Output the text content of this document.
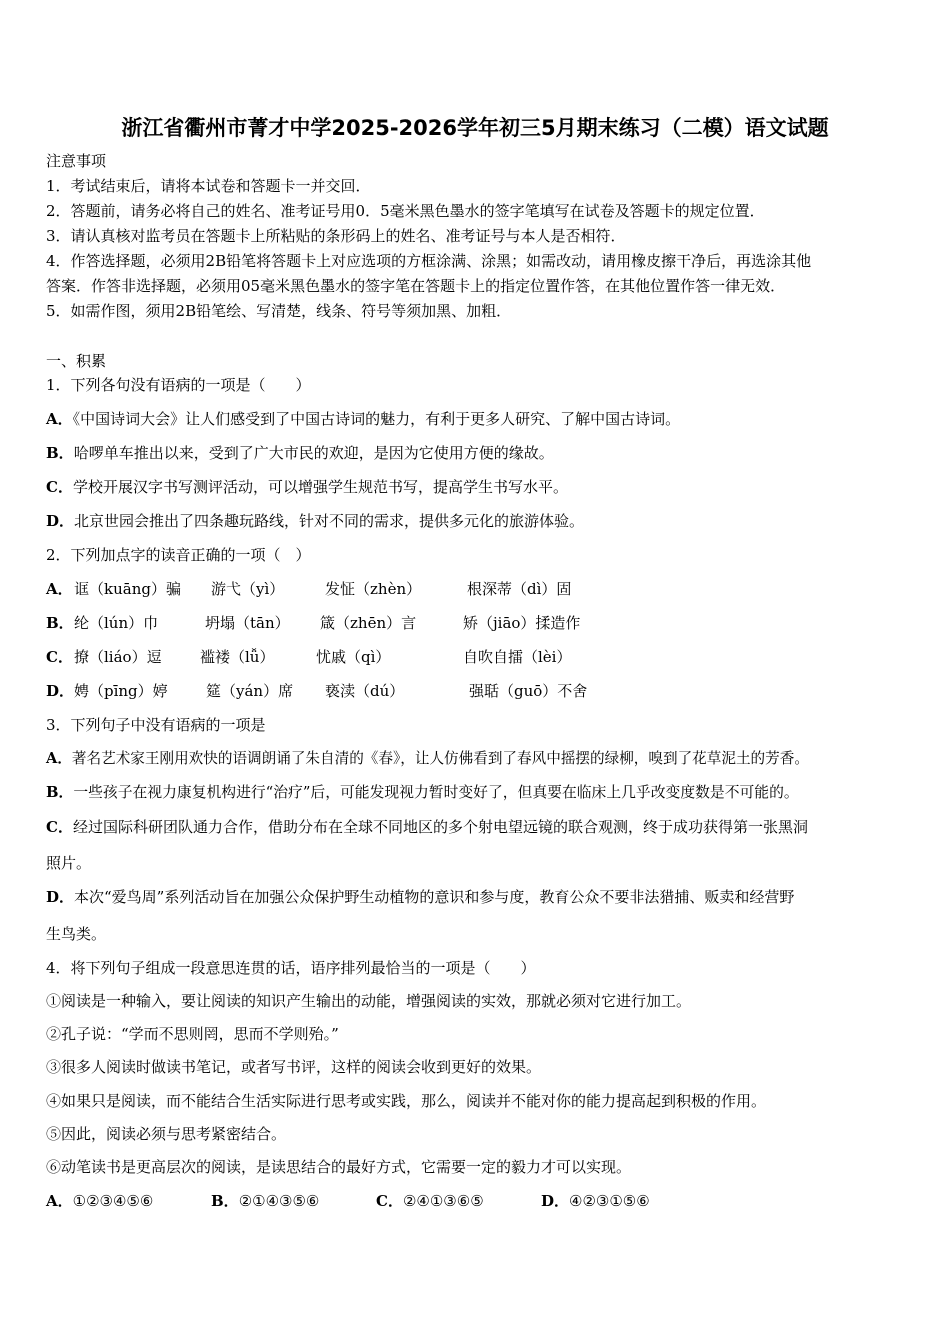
浙江省衢州市菁才中学2025-2026学年初三5月期末练习（二模）语文试题
注意事项
1．考试结束后，请将本试卷和答题卡一并交回．
2．答题前，请务必将自己的姓名、准考证号用0．5毫米黑色墨水的签字笔填写在试卷及答题卡的规定位置．
3．请认真核对监考员在答题卡上所粘贴的条形码上的姓名、准考证号与本人是否相符．
4．作答选择题，必须用2B铅笔将答题卡上对应选项的方框涂满、涂黑；如需改动，请用橡皮擦干净后，再选涂其他
答案．作答非选择题，必须用05毫米黑色墨水的签字笔在答题卡上的指定位置作答，在其他位置作答一律无效．
5．如需作图，须用2B铅笔绘、写清楚，线条、符号等须加黑、加粗．
一、积累
1．下列各句没有语病的一项是（　　）
A．《中国诗词大会》让人们感受到了中国古诗词的魅力，有利于更多人研究、了解中国古诗词。
B．哈啰单车推出以来，受到了广大市民的欢迎，是因为它使用方便的缘故。
C．学校开展汉字书写测评活动，可以增强学生规范书写，提高学生书写水平。
D．北京世园会推出了四条趣玩路线，针对不同的需求，提供多元化的旅游体验。
2．下列加点字的读音正确的一项（　）
A． 诓（kuāng）骗 游弋（yì）	发怔（zhèn）	根深蒂（dì）固
B． 纶（lún）巾	坍塌（tān） 箴（zhēn）言	矫（jiāo）揉造作
C． 撩（liáo）逗	褴褛（lǚ）	忧戚（qì）	自吹自擂（lèi）
D． 娉（pīng）婷	筵（yán）席 亵渎（dú）	强聒（guō）不舍
3．下列句子中没有语病的一项是
A．著名艺术家王刚用欢快的语调朗诵了朱自清的《春》，让人仿佛看到了春风中摇摆的绿柳，嗅到了花草泥土的芳香。
B．一些孩子在视力康复机构进行“治疗”后，可能发现视力暂时变好了，但真要在临床上几乎改变度数是不可能的。
C．经过国际科研团队通力合作，借助分布在全球不同地区的多个射电望远镜的联合观测，终于成功获得第一张黑洞
照片。
D．本次“爱鸟周”系列活动旨在加强公众保护野生动植物的意识和参与度，教育公众不要非法猎捕、贩卖和经营野
生鸟类。
4．将下列句子组成一段意思连贯的话，语序排列最恰当的一项是（　　）
①阅读是一种输入，要让阅读的知识产生输出的动能，增强阅读的实效，那就必须对它进行加工。
②孔子说：“学而不思则罔，思而不学则殆。”
③很多人阅读时做读书笔记，或者写书评，这样的阅读会收到更好的效果。
④如果只是阅读，而不能结合生活实际进行思考或实践，那么，阅读并不能对你的能力提高起到积极的作用。
⑤因此，阅读必须与思考紧密结合。
⑥动笔读书是更高层次的阅读，是读思结合的最好方式，它需要一定的毅力才可以实现。
A．①②③④⑤⑥	B．②①④③⑤⑥	C．②④①③⑥⑤	D．④②③①⑤⑥
